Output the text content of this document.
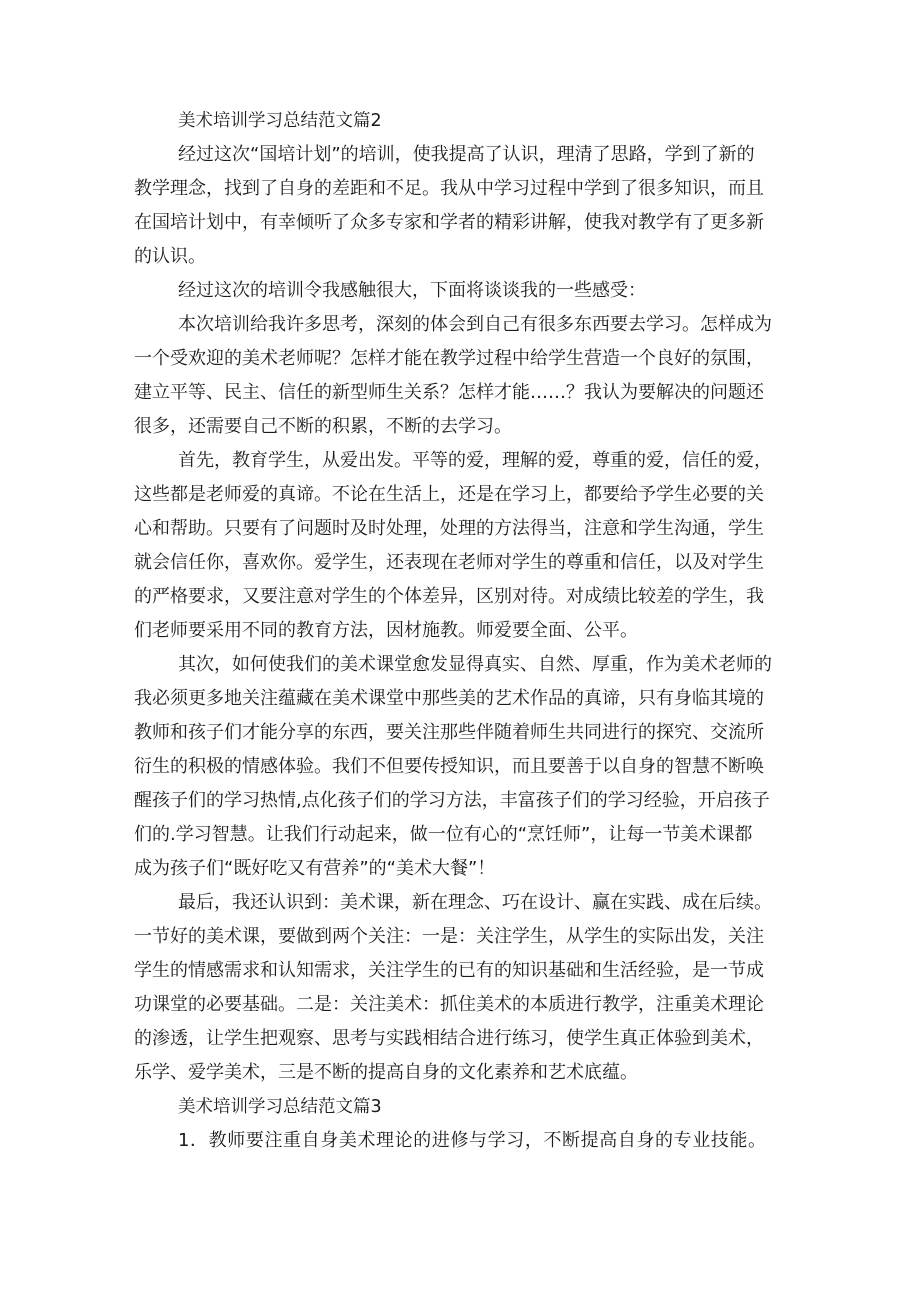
美术培训学习总结范文篇2

经过这次“国培计划”的培训，使我提高了认识，理清了思路，学到了新的
教学理念，找到了自身的差距和不足。我从中学习过程中学到了很多知识，而且
在国培计划中，有幸倾听了众多专家和学者的精彩讲解，使我对教学有了更多新
的认识。
经过这次的培训令我感触很大，下面将谈谈我的一些感受：
本次培训给我许多思考，深刻的体会到自己有很多东西要去学习。怎样成为
一个受欢迎的美术老师呢？怎样才能在教学过程中给学生营造一个良好的氛围，
建立平等、民主、信任的新型师生关系？怎样才能……？我认为要解决的问题还
很多，还需要自己不断的积累，不断的去学习。
首先，教育学生，从爱出发。平等的爱，理解的爱，尊重的爱，信任的爱，
这些都是老师爱的真谛。不论在生活上，还是在学习上，都要给予学生必要的关
心和帮助。只要有了问题时及时处理，处理的方法得当，注意和学生沟通，学生
就会信任你，喜欢你。爱学生，还表现在老师对学生的尊重和信任，以及对学生
的严格要求，又要注意对学生的个体差异，区别对待。对成绩比较差的学生，我
们老师要采用不同的教育方法，因材施教。师爱要全面、公平。
其次，如何使我们的美术课堂愈发显得真实、自然、厚重，作为美术老师的
我必须更多地关注蕴藏在美术课堂中那些美的艺术作品的真谛，只有身临其境的
教师和孩子们才能分享的东西，要关注那些伴随着师生共同进行的探究、交流所
衍生的积极的情感体验。我们不但要传授知识，而且要善于以自身的智慧不断唤
醒孩子们的学习热情,点化孩子们的学习方法，丰富孩子们的学习经验，开启孩子
们的.学习智慧。让我们行动起来，做一位有心的“烹饪师”，让每一节美术课都
成为孩子们“既好吃又有营养”的“美术大餐”！
最后，我还认识到：美术课，新在理念、巧在设计、赢在实践、成在后续。
一节好的美术课，要做到两个关注：一是：关注学生，从学生的实际出发，关注
学生的情感需求和认知需求，关注学生的已有的知识基础和生活经验，是一节成
功课堂的必要基础。二是：关注美术：抓住美术的本质进行教学，注重美术理论
的渗透，让学生把观察、思考与实践相结合进行练习，使学生真正体验到美术，
乐学、爱学美术，三是不断的提高自身的文化素养和艺术底蕴。

美术培训学习总结范文篇3

1．教师要注重自身美术理论的进修与学习，不断提高自身的专业技能。
